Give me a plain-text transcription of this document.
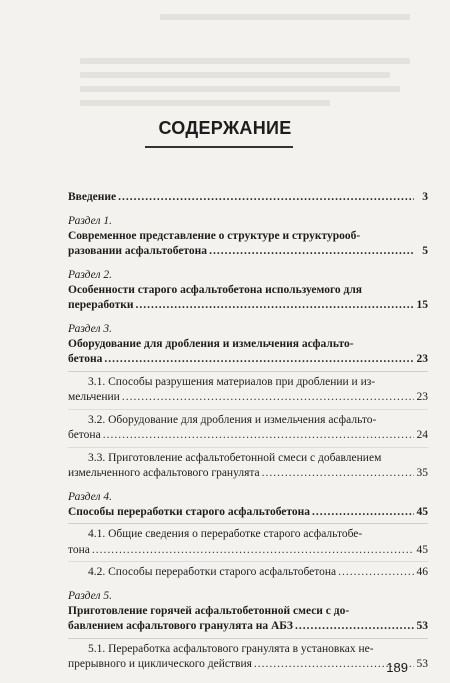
СОДЕРЖАНИЕ
Введение .....	3
Раздел 1.
Современное представление о структуре и структурооб-
разовании асфальтобетона .....	5
Раздел 2.
Особенности старого асфальтобетона используемого для
переработки .....	15
Раздел 3.
Оборудование для дробления и измельчения асфальто-
бетона .....	23
3.1. Способы разрушения материалов при дроблении и из-
мельчении .....	23
3.2. Оборудование для дробления и измельчения асфальто-
бетона .....	24
3.3. Приготовление асфальтобетонной смеси с добавлением
измельченного асфальтового гранулята .....	35
Раздел 4.
Способы переработки старого асфальтобетона .....	45
4.1. Общие сведения о переработке старого асфальтобе-
тона .....	45
4.2. Способы переработки старого асфальтобетона .....	46
Раздел 5.
Приготовление горячей асфальтобетонной смеси с до-
бавлением асфальтового гранулята на АБЗ .....	53
5.1. Переработка асфальтового гранулята в установках не-
прерывного и циклического действия .....	53
189
